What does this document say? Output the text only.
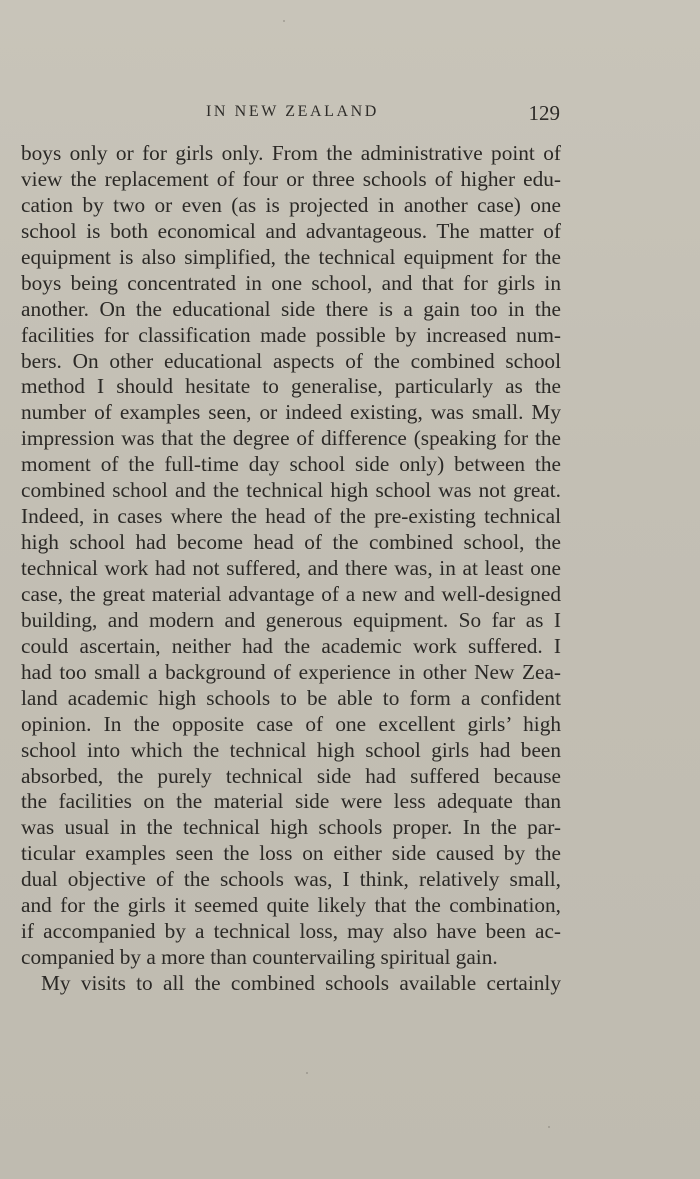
IN NEW ZEALAND	129
boys only or for girls only. From the administrative point of
view the replacement of four or three schools of higher edu-
cation by two or even (as is projected in another case) one
school is both economical and advantageous. The matter of
equipment is also simplified, the technical equipment for the
boys being concentrated in one school, and that for girls in
another. On the educational side there is a gain too in the
facilities for classification made possible by increased num-
bers. On other educational aspects of the combined school
method I should hesitate to generalise, particularly as the
number of examples seen, or indeed existing, was small. My
impression was that the degree of difference (speaking for the
moment of the full-time day school side only) between the
combined school and the technical high school was not great.
Indeed, in cases where the head of the pre-existing technical
high school had become head of the combined school, the
technical work had not suffered, and there was, in at least one
case, the great material advantage of a new and well-designed
building, and modern and generous equipment. So far as I
could ascertain, neither had the academic work suffered. I
had too small a background of experience in other New Zea-
land academic high schools to be able to form a confident
opinion. In the opposite case of one excellent girls’ high
school into which the technical high school girls had been
absorbed, the purely technical side had suffered because
the facilities on the material side were less adequate than
was usual in the technical high schools proper. In the par-
ticular examples seen the loss on either side caused by the
dual objective of the schools was, I think, relatively small,
and for the girls it seemed quite likely that the combination,
if accompanied by a technical loss, may also have been ac-
companied by a more than countervailing spiritual gain.
My visits to all the combined schools available certainly
